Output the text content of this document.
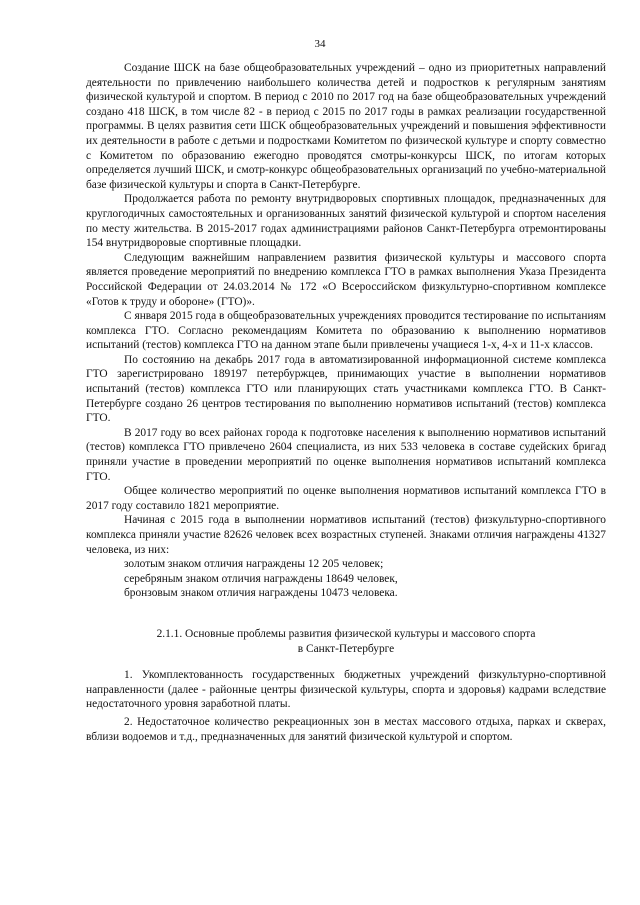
34

Создание ШСК на базе общеобразовательных учреждений – одно из приоритетных направлений деятельности по привлечению наибольшего количества детей и подростков к регулярным занятиям физической культурой и спортом. В период с 2010 по 2017 год на базе общеобразовательных учреждений создано 418 ШСК, в том числе 82 - в период с 2015 по 2017 годы в рамках реализации государственной программы. В целях развития сети ШСК общеобразовательных учреждений и повышения эффективности их деятельности в работе с детьми и подростками Комитетом по физической культуре и спорту совместно с Комитетом по образованию ежегодно проводятся смотры-конкурсы ШСК, по итогам которых определяется лучший ШСК, и смотр-конкурс общеобразовательных организаций по учебно-материальной базе физической культуры и спорта в Санкт-Петербурге.

Продолжается работа по ремонту внутридворовых спортивных площадок, предназначенных для круглогодичных самостоятельных и организованных занятий физической культурой и спортом населения по месту жительства. В 2015-2017 годах администрациями районов Санкт-Петербурга отремонтированы 154 внутридворовые спортивные площадки.

Следующим важнейшим направлением развития физической культуры и массового спорта является проведение мероприятий по внедрению комплекса ГТО в рамках выполнения Указа Президента Российской Федерации от 24.03.2014 № 172 «О Всероссийском физкультурно-спортивном комплексе «Готов к труду и обороне» (ГТО)».

С января 2015 года в общеобразовательных учреждениях проводится тестирование по испытаниям комплекса ГТО. Согласно рекомендациям Комитета по образованию к выполнению нормативов испытаний (тестов) комплекса ГТО на данном этапе были привлечены учащиеся 1-х, 4-х и 11-х классов.

По состоянию на декабрь 2017 года в автоматизированной информационной системе комплекса ГТО зарегистрировано 189197 петербуржцев, принимающих участие в выполнении нормативов испытаний (тестов) комплекса ГТО или планирующих стать участниками комплекса ГТО. В Санкт-Петербурге создано 26 центров тестирования по выполнению нормативов испытаний (тестов) комплекса ГТО.

В 2017 году во всех районах города к подготовке населения к выполнению нормативов испытаний (тестов) комплекса ГТО привлечено 2604 специалиста, из них 533 человека в составе судейских бригад приняли участие в проведении мероприятий по оценке выполнения нормативов испытаний комплекса ГТО.

Общее количество мероприятий по оценке выполнения нормативов испытаний комплекса ГТО в 2017 году составило 1821 мероприятие.

Начиная с 2015 года в выполнении нормативов испытаний (тестов) физкультурно-спортивного комплекса приняли участие 82626 человек всех возрастных ступеней. Знаками отличия награждены 41327 человека, из них:

золотым знаком отличия награждены 12 205 человек;

серебряным знаком отличия награждены 18649 человек,

бронзовым знаком отличия награждены 10473 человека.

2.1.1. Основные проблемы развития физической культуры и массового спорта
в Санкт-Петербурге

1. Укомплектованность государственных бюджетных учреждений физкультурно-спортивной направленности (далее - районные центры физической культуры, спорта и здоровья) кадрами вследствие недостаточного уровня заработной платы.

2. Недостаточное количество рекреационных зон в местах массового отдыха, парках и скверах, вблизи водоемов и т.д., предназначенных для занятий физической культурой и спортом.
